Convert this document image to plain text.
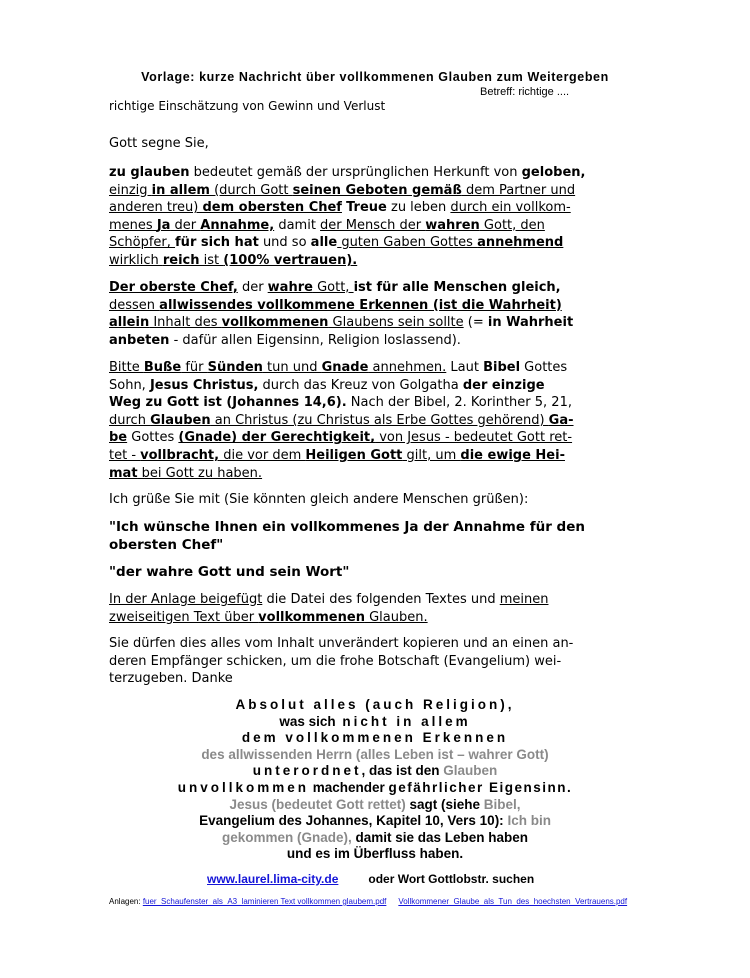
Vorlage: kurze Nachricht über vollkommenen Glauben zum Weitergeben
Betreff: richtige ....
richtige Einschätzung von Gewinn und Verlust
Gott segne Sie,
zu glauben bedeutet gemäß der ursprünglichen Herkunft von geloben,
einzig in allem (durch Gott seinen Geboten gemäß dem Partner und
anderen treu) dem obersten Chef Treue zu leben durch ein vollkom-
menes Ja der Annahme, damit der Mensch der wahren Gott, den
Schöpfer, für sich hat und so alle guten Gaben Gottes annehmend
wirklich reich ist (100% vertrauen).
Der oberste Chef, der wahre Gott, ist für alle Menschen gleich,
dessen allwissendes vollkommene Erkennen (ist die Wahrheit)
allein Inhalt des vollkommenen Glaubens sein sollte (= in Wahrheit
anbeten - dafür allen Eigensinn, Religion loslassend).
Bitte Buße für Sünden tun und Gnade annehmen. Laut Bibel Gottes
Sohn, Jesus Christus, durch das Kreuz von Golgatha der einzige
Weg zu Gott ist (Johannes 14,6). Nach der Bibel, 2. Korinther 5, 21,
durch Glauben an Christus (zu Christus als Erbe Gottes gehörend) Ga-
be Gottes (Gnade) der Gerechtigkeit, von Jesus - bedeutet Gott ret-
tet - vollbracht, die vor dem Heiligen Gott gilt, um die ewige Hei-
mat bei Gott zu haben.
Ich grüße Sie mit (Sie könnten gleich andere Menschen grüßen):
"Ich wünsche Ihnen ein vollkommenes Ja der Annahme für den
obersten Chef"
"der wahre Gott und sein Wort"
In der Anlage beigefügt die Datei des folgenden Textes und meinen
zweiseitigen Text über vollkommenen Glauben.
Sie dürfen dies alles vom Inhalt unverändert kopieren und an einen an-
deren Empfänger schicken, um die frohe Botschaft (Evangelium) wei-
terzugeben. Danke
Absolut alles (auch Religion),
was sich nicht in allem
dem vollkommenen Erkennen
des allwissenden Herrn (alles Leben ist – wahrer Gott)
unterordnet, das ist den Glauben
unvollkommen machender gefährlicher Eigensinn.
Jesus (bedeutet Gott rettet) sagt (siehe Bibel,
Evangelium des Johannes, Kapitel 10, Vers 10): Ich bin
gekommen (Gnade), damit sie das Leben haben
und es im Überfluss haben.
www.laurel.lima-city.de	oder Wort Gottlobstr. suchen
Anlagen: fuer_Schaufenster_als_A3_laminieren Text vollkommen glaubem.pdf Vollkommener_Glaube_als_Tun_des_hoechsten_Vertrauens.pdf
